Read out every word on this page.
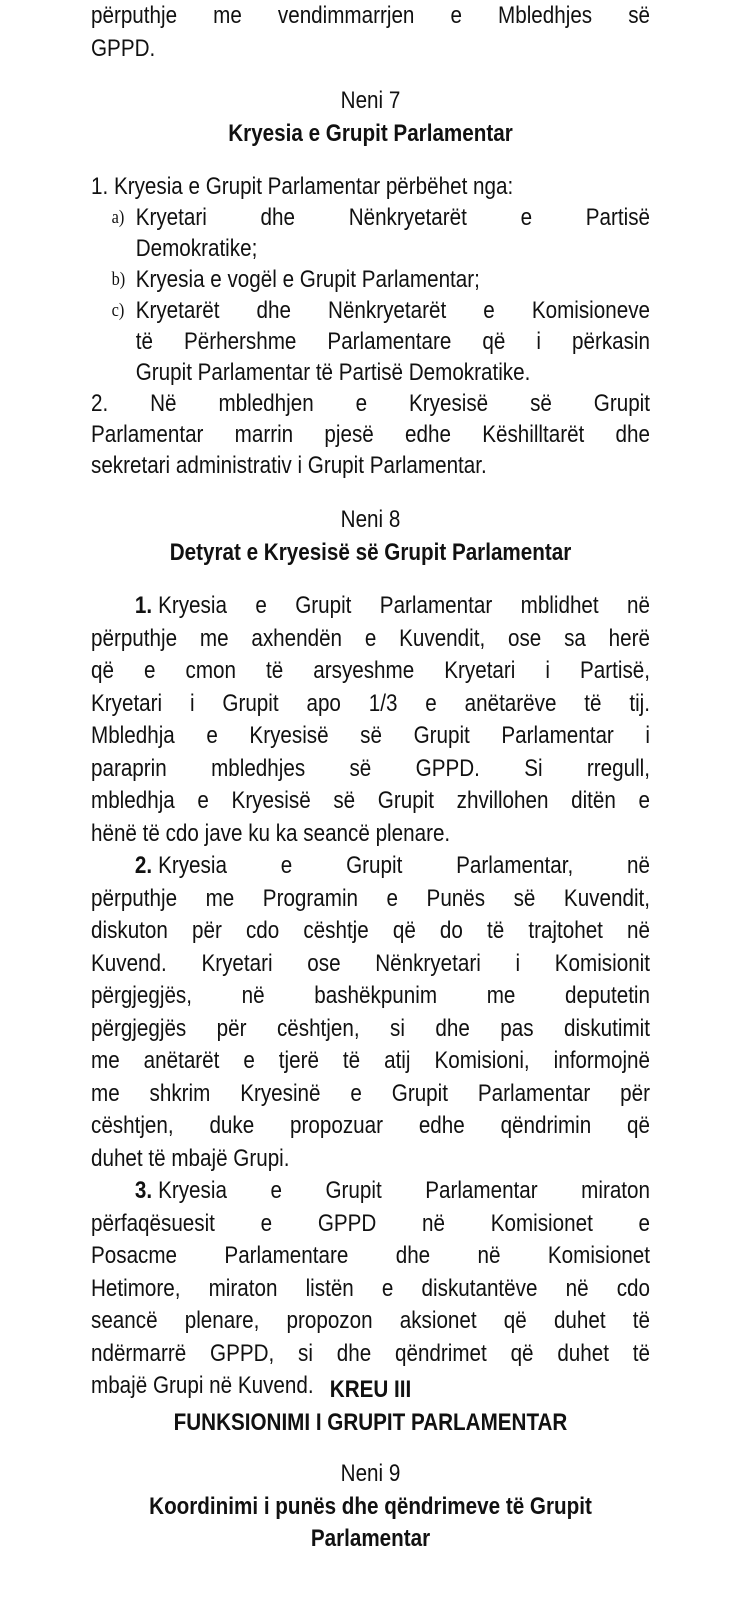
përputhje me vendimmarrjen e Mbledhjes së
GPPD.
Neni 7
Kryesia e Grupit Parlamentar
1. Kryesia e Grupit Parlamentar përbëhet nga:
a) Kryetari dhe Nënkryetarët e Partisë
Demokratike;
b) Kryesia e vogël e Grupit Parlamentar;
c) Kryetarët dhe Nënkryetarët e Komisioneve
të Përhershme Parlamentare që i përkasin
Grupit Parlamentar të Partisë Demokratike.
2. Në mbledhjen e Kryesisë së Grupit
Parlamentar marrin pjesë edhe Këshilltarët dhe
sekretari administrativ i Grupit Parlamentar.
Neni 8
Detyrat e Kryesisë së Grupit Parlamentar
1. Kryesia e Grupit Parlamentar mblidhet në
përputhje me axhendën e Kuvendit, ose sa herë
që e cmon të arsyeshme Kryetari i Partisë,
Kryetari i Grupit apo 1/3 e anëtarëve të tij.
Mbledhja e Kryesisë së Grupit Parlamentar i
paraprin mbledhjes së GPPD. Si rregull,
mbledhja e Kryesisë së Grupit zhvillohen ditën e
hënë të cdo jave ku ka seancë plenare.
2. Kryesia e Grupit Parlamentar, në
përputhje me Programin e Punës së Kuvendit,
diskuton për cdo cështje që do të trajtohet në
Kuvend. Kryetari ose Nënkryetari i Komisionit
përgjegjës, në bashëkpunim me deputetin
përgjegjës për cështjen, si dhe pas diskutimit
me anëtarët e tjerë të atij Komisioni, informojnë
me shkrim Kryesinë e Grupit Parlamentar për
cështjen, duke propozuar edhe qëndrimin që
duhet të mbajë Grupi.
3. Kryesia e Grupit Parlamentar miraton
përfaqësuesit e GPPD në Komisionet e
Posacme Parlamentare dhe në Komisionet
Hetimore, miraton listën e diskutantëve në cdo
seancë plenare, propozon aksionet që duhet të
ndërmarrë GPPD, si dhe qëndrimet që duhet të
mbajë Grupi në Kuvend. KREU III
FUNKSIONIMI I GRUPIT PARLAMENTAR
Neni 9
Koordinimi i punës dhe qëndrimeve të Grupit
Parlamentar
